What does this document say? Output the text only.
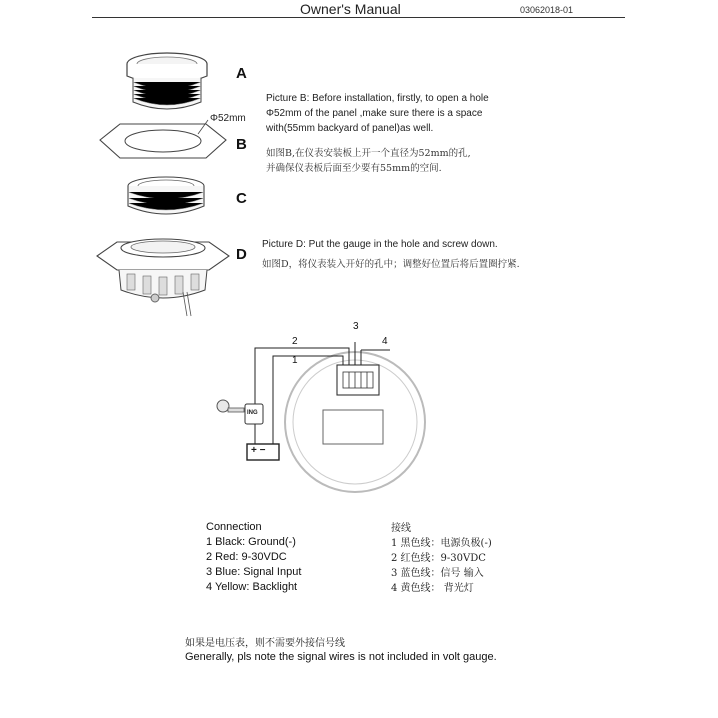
Owner's Manual	03062018-01
A
Φ52mm
B
C
D
Picture B: Before installation, firstly, to open a hole
Φ52mm of the panel ,make sure there is a space
with(55mm backyard of panel)as well.
如图B,在仪表安装板上开一个直径为52mm的孔,
并确保仪表板后面至少要有55mm的空间.
Picture D: Put the gauge in the hole and screw down.
如图D，将仪表装入开好的孔中；调整好位置后将后置圈拧紧.
2
1
3
4
ING
+ −
Connection
1 Black: Ground(-)
2 Red: 9-30VDC
3 Blue: Signal Input
4 Yellow: Backlight
接线
1 黑色线：电源负极(-)
2 红色线：9-30VDC
3 蓝色线：信号 输入
4 黄色线： 背光灯
如果是电压表，则不需要外接信号线
Generally, pls note the signal wires is not included in volt gauge.
